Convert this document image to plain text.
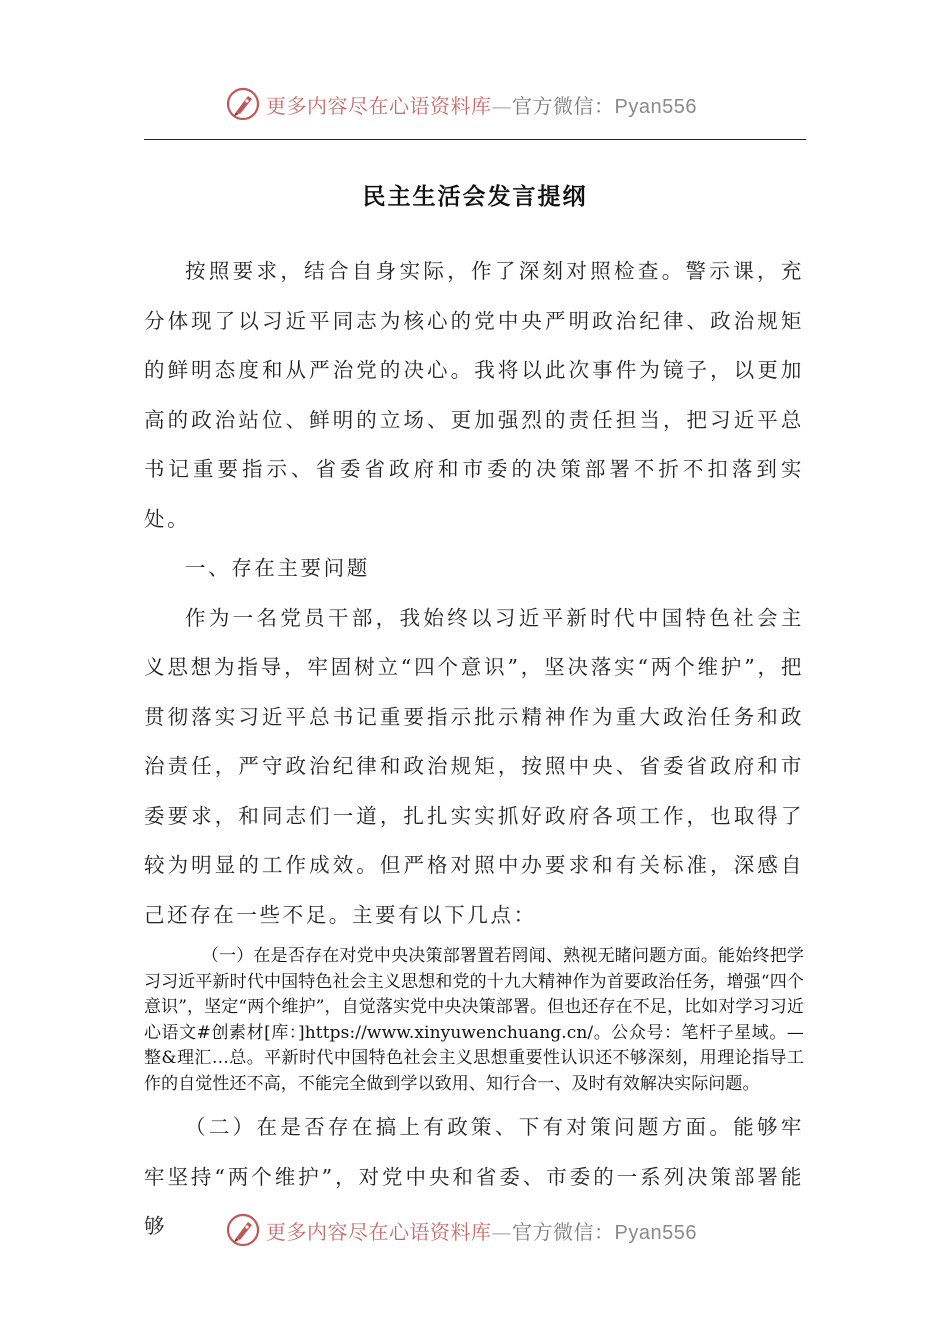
更多内容尽在心语资料库—官方微信：Pyan556
民主生活会发言提纲

按照要求，结合自身实际，作了深刻对照检查。警示课，充分体现了以习近平同志为核心的党中央严明政治纪律、政治规矩的鲜明态度和从严治党的决心。我将以此次事件为镜子，以更加高的政治站位、鲜明的立场、更加强烈的责任担当，把习近平总书记重要指示、省委省政府和市委的决策部署不折不扣落到实处。

一、存在主要问题

作为一名党员干部，我始终以习近平新时代中国特色社会主义思想为指导，牢固树立“四个意识”，坚决落实“两个维护”，把贯彻落实习近平总书记重要指示批示精神作为重大政治任务和政治责任，严守政治纪律和政治规矩，按照中央、省委省政府和市委要求，和同志们一道，扎扎实实抓好政府各项工作，也取得了较为明显的工作成效。但严格对照中办要求和有关标准，深感自己还存在一些不足。主要有以下几点：

（一）在是否存在对党中央决策部署置若罔闻、熟视无睹问题方面。能始终把学习习近平新时代中国特色社会主义思想和党的十九大精神作为首要政治任务，增强“四个意识”，坚定“两个维护”，自觉落实党中央决策部署。但也还存在不足，比如对学习习近心语文#创素材[库：]https://www.xinyuwenchuang.cn/。公众号：笔杆子星域。—整&理汇…总。平新时代中国特色社会主义思想重要性认识还不够深刻，用理论指导工作的自觉性还不高，不能完全做到学以致用、知行合一、及时有效解决实际问题。

（二）在是否存在搞上有政策、下有对策问题方面。能够牢牢坚持“两个维护”，对党中央和省委、市委的一系列决策部署能够	更多内容尽在心语资料库—官方微信：Pyan556
